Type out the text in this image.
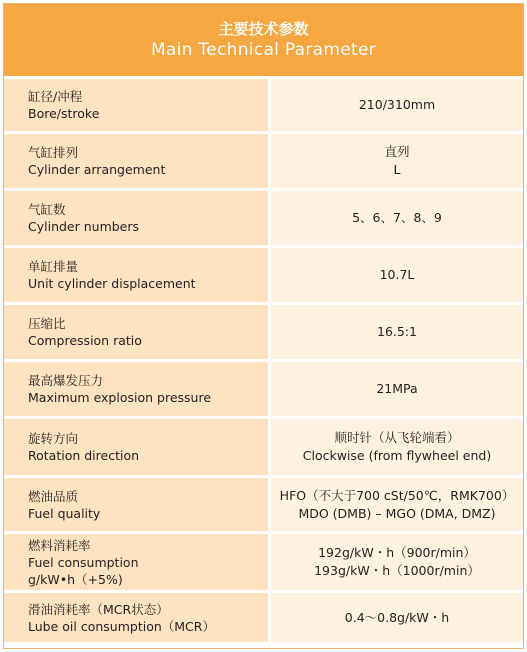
主要技术参数
Main Technical Parameter
缸径/冲程
Bore/stroke
210/310mm
气缸排列
Cylinder arrangement
直列
L
气缸数
Cylinder numbers
5、6、7、8、9
单缸排量
Unit cylinder displacement
10.7L
压缩比
Compression ratio
16.5:1
最高爆发压力
Maximum explosion pressure
21MPa
旋转方向
Rotation direction
顺时针（从飞轮端看）
Clockwise (from flywheel end)
燃油品质
Fuel quality
HFO（不大于700 cSt/50℃，RMK700）
MDO (DMB) – MGO (DMA, DMZ)
燃料消耗率
Fuel consumption
g/kW•h（+5%)
192g/kW・h（900r/min）
193g/kW・h（1000r/min）
滑油消耗率（MCR状态）
Lube oil consumption（MCR）
0.4～0.8g/kW・h
